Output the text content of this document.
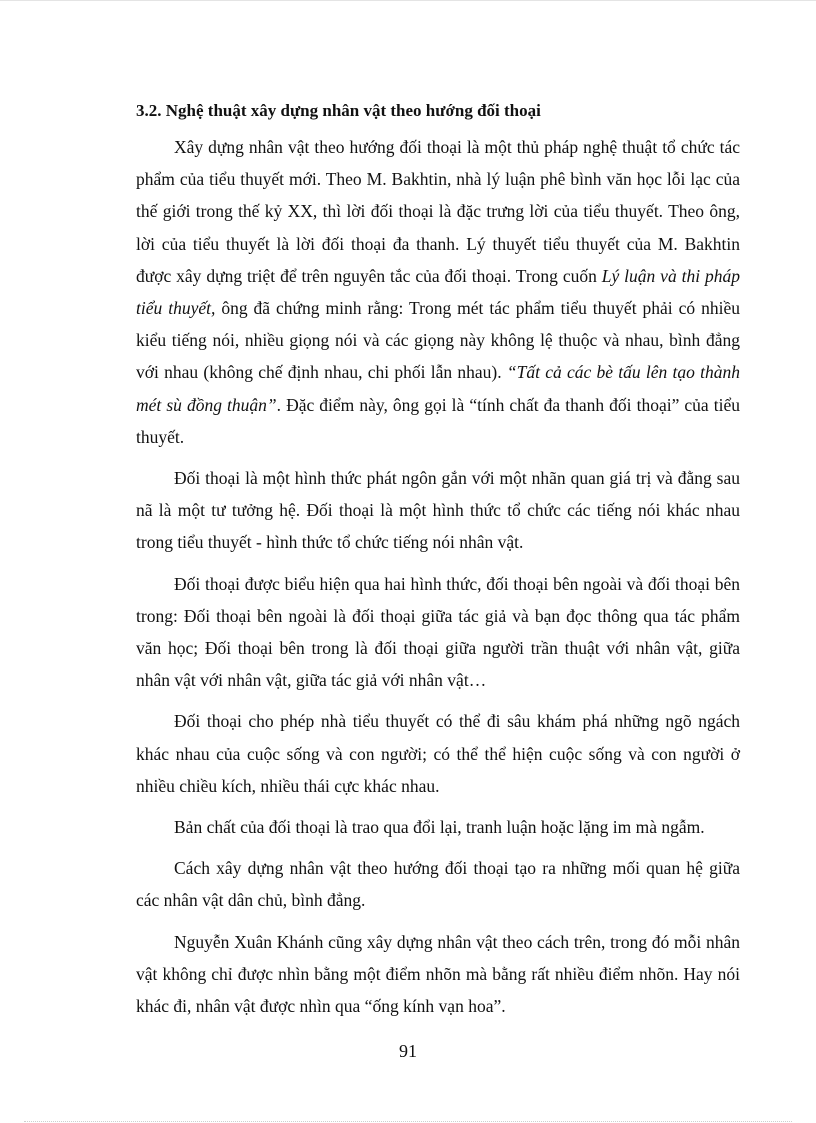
3.2. Nghệ thuật xây dựng nhân vật theo hướng đối thoại

Xây dựng nhân vật theo hướng đối thoại là một thủ pháp nghệ thuật tổ chức tác phẩm của tiểu thuyết mới. Theo M. Bakhtin, nhà lý luận phê bình văn học lỗi lạc của thế giới trong thế kỷ XX, thì lời đối thoại là đặc trưng lời của tiểu thuyết. Theo ông, lời của tiểu thuyết là lời đối thoại đa thanh. Lý thuyết tiểu thuyết của M. Bakhtin được xây dựng triệt để trên nguyên tắc của đối thoại. Trong cuốn Lý luận và thi pháp tiểu thuyết, ông đã chứng minh rằng: Trong mét tác phẩm tiểu thuyết phải có nhiều kiểu tiếng nói, nhiều giọng nói và các giọng này không lệ thuộc và nhau, bình đẳng với nhau (không chế định nhau, chi phối lẫn nhau). “Tất cả các bè tấu lên tạo thành mét sù đồng thuận”. Đặc điểm này, ông gọi là “tính chất đa thanh đối thoại” của tiểu thuyết.

Đối thoại là một hình thức phát ngôn gắn với một nhãn quan giá trị và đằng sau nã là một tư tưởng hệ. Đối thoại là một hình thức tổ chức các tiếng nói khác nhau trong tiểu thuyết - hình thức tổ chức tiếng nói nhân vật.

Đối thoại được biểu hiện qua hai hình thức, đối thoại bên ngoài và đối thoại bên trong: Đối thoại bên ngoài là đối thoại giữa tác giả và bạn đọc thông qua tác phẩm văn học; Đối thoại bên trong là đối thoại giữa người trần thuật với nhân vật, giữa nhân vật với nhân vật, giữa tác giả với nhân vật…

Đối thoại cho phép nhà tiểu thuyết có thể đi sâu khám phá những ngõ ngách khác nhau của cuộc sống và con người; có thể thể hiện cuộc sống và con người ở nhiều chiều kích, nhiều thái cực khác nhau.

Bản chất của đối thoại là trao qua đổi lại, tranh luận hoặc lặng im mà ngẫm.

Cách xây dựng nhân vật theo hướng đối thoại tạo ra những mối quan hệ giữa các nhân vật dân chủ, bình đẳng.

Nguyễn Xuân Khánh cũng xây dựng nhân vật theo cách trên, trong đó mỗi nhân vật không chỉ được nhìn bằng một điểm nhõn mà bằng rất nhiều điểm nhõn. Hay nói khác đi, nhân vật được nhìn qua “ống kính vạn hoa”.

91
